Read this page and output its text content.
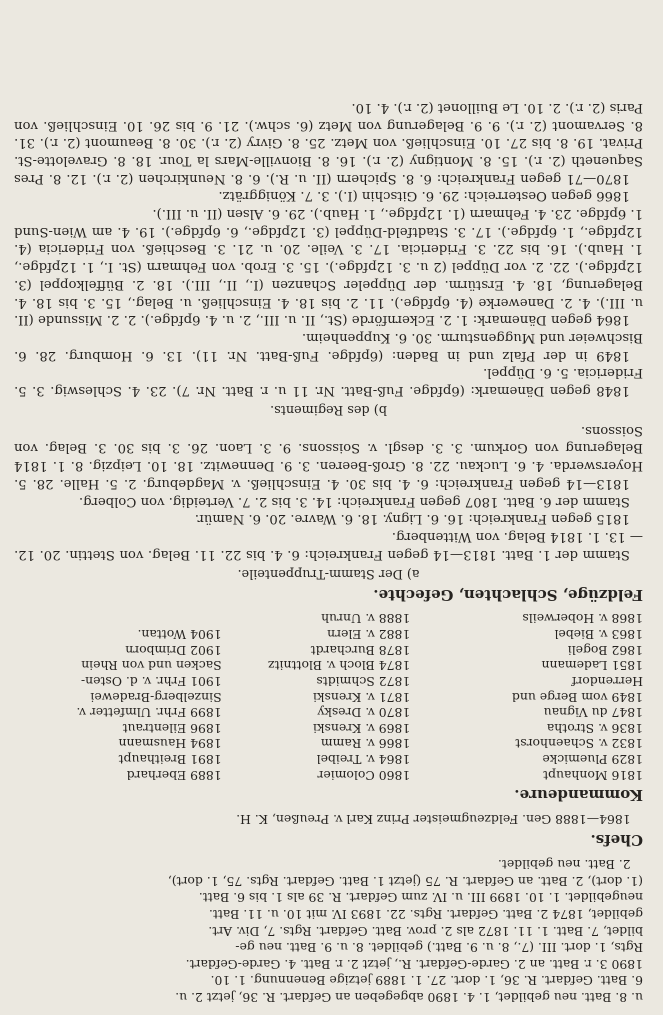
u. 8. Batt. neu gebildet, 1. 4. 1890 abgegeben an Gefdart. R. 36, jetzt 2. u.

6. Batt. Gefdart. R. 36, 1. dort. 27. 1. 1889 jetzige Benennung. 1. 10.

1890 3. r. Batt. an 2. Garde-Gefdart. R., jetzt 2. r. Batt. 4. Garde-Gefdart.

Rgts, 1. dort. III. (7., 8. u. 9. Batt.) gebildet. 8. u. 9. Batt. neu ge-

bildet, 7. Batt. 1. 11. 1872 als 2. prov. Batt. Gefdart. Rgts. 7, Div. Art.

gebildet, 1874 2. Batt. Gefdart. Rgts. 22. 1893 IV. mit 10. u. 11. Batt.

neugebildet. 1. 10. 1899 III. u. IV. zum Gefdart. R. 39 als 1. bis 6. Batt.

(1. dort), 2. Batt. an Gefdart. R. 75 (jetzt 1. Batt. Gefdart. Rgts. 75, 1. dort),

2. Batt. neu gebildet.

Chefs.

1864—1888 Gen. Feldzeugmeister Prinz Karl v. Preußen, K. H.

Kommandeure.
1816 Monhaupt	1860 Colomier	1889 Eberhard
1829 Pluemicke	1864 v. Treibel	1891 Breithaupt
1832 v. Schaenhorst	1866 v. Ramm	1894 Hausmann
1836 v. Strotha	1869 v. Krenski	1896 Eilentraut
1847 du Vignau	1870 v. Dresky	1899 Frhr. Ulmfetter v.
1849 vom Berge und	1871 v. Krenski	Sinzelberg-Bradewei
Herrendorf	1872 Schmidts	1901 Frhr. v. d. Osten-
1851 Lademann	1874 Bloch v. Blottnitz	Sacken und von Rhein
1862 Bogeli	1878 Burchardt	1902 Drimborn
1863 v. Biebel	1882 v. Elern	1904 Wottan.
1868 v. Hoberweils	1888 v. Unruh	
Feldzüge, Schlachten, Gefechte.

a) Der Stamm-Truppenteile.

Stamm der 1. Batt. 1813—14 gegen Frankreich: 6. 4. bis 22. 11. Belag. von Stettin. 20. 12. — 13. 1. 1814 Belag. von Wittenberg.

1815 gegen Frankreich: 16. 6. Ligny. 18. 6. Wavre. 20. 6. Namür.

Stamm der 6. Batt. 1807 gegen Frankreich: 14. 3. bis 2. 7. Verteidig. von Colberg.

1813—14 gegen Frankreich: 6. 4. bis 30. 4. Einschließ. v. Magdeburg. 2. 5. Halle. 28. 5. Hoyerswerda. 4. 6. Luckau. 22. 8. Groß-Beeren. 3. 9. Dennewitz. 18. 10. Leipzig. 8. 1. 1814 Belagerung von Gorkum. 3. 3. desgl. v. Soissons. 9. 3. Laon. 26. 3. bis 30. 3. Belag. von Soissons.

b) des Regiments.

1848 gegen Dänemark: (6pfdge. Fuß-Batt. Nr. 11 u. r. Batt. Nr. 7). 23. 4. Schleswig. 3. 5. Fridericia. 5. 6. Düppel.

1849 in der Pfalz und in Baden: (6pfdge. Fuß-Batt. Nr. 11). 13. 6. Homburg. 28. 6. Bischweier und Muggensturm. 30. 6. Kuppenheim.

1864 gegen Dänemark: 1. 2. Eckernförde (St., II. u. III., 2. u. 4. 6pfdge.). 2. 2. Missunde (II. u. III.). 4. 2. Danewerke (4. 6pfdge.). 11. 2. bis 18. 4. Einschließ. u. Belag., 15. 3. bis 18. 4. Belagerung, 18. 4. Erstürm. der Düppeler Schanzen (I., II., III.). 18. 2. Büffelkoppel (3. 12pfdge.). 22. 2. vor Düppel (2 u. 3. 12pfdge.). 15. 3. Erob. von Fehmarn (St. I., 1. 12pfdge., 1. Haub.). 16. bis 22. 3. Fridericia. 17. 3. Veile. 20. u. 21. 3. Beschieß. von Fridericia (4. 12pfdge., 1. 6pfdge.). 17. 3. Stadtfeld-Düppel (3. 12pfdge., 6. 6pfdge.). 19. 4. am Wien-Sund 1. 6pfdge. 23. 4. Fehmarn (1. 12pfdge., 1. Haub.). 29. 6. Alsen (II. u. III.).

1866 gegen Oesterreich: 29. 6. Gitschin (I.). 3. 7. Königgrätz.

1870—71 gegen Frankreich: 6. 8. Spichern (II. u. R.). 6. 8. Neunkirchen (2. r.). 12. 8. Pres Saqueneth (2. r.). 15. 8. Montigny (2. r.). 16. 8. Bionville-Mars la Tour. 18. 8. Gravelotte-St. Privat. 19. 8. bis 27. 10. Einschließ. von Metz. 25. 8. Givry (2. r.). 30. 8. Beaumont (2. r.). 31. 8. Servamont (2. r.). 9. 9. Belagerung von Metz (6. schw.). 21. 9. bis 26. 10. Einschließ. von Paris (2. r.). 2. 10. Le Buillonet (2. r.). 4. 10.
